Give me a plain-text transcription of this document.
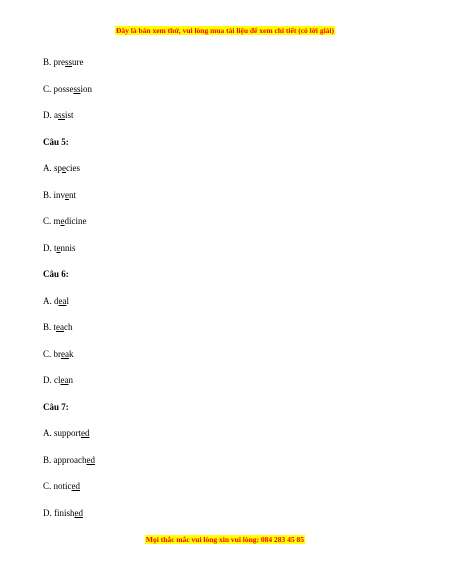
Đây là bản xem thử, vui lòng mua tài liệu để xem chi tiết (có lời giải)
B. pressure
C. possession
D. assist
Câu 5:
A. species
B. invent
C. medicine
D. tennis
Câu 6:
A. deal
B. teach
C. break
D. clean
Câu 7:
A. supported
B. approached
C. noticed
D. finished
Mọi thắc mắc vui lòng xin vui lòng: 084 283 45 85
